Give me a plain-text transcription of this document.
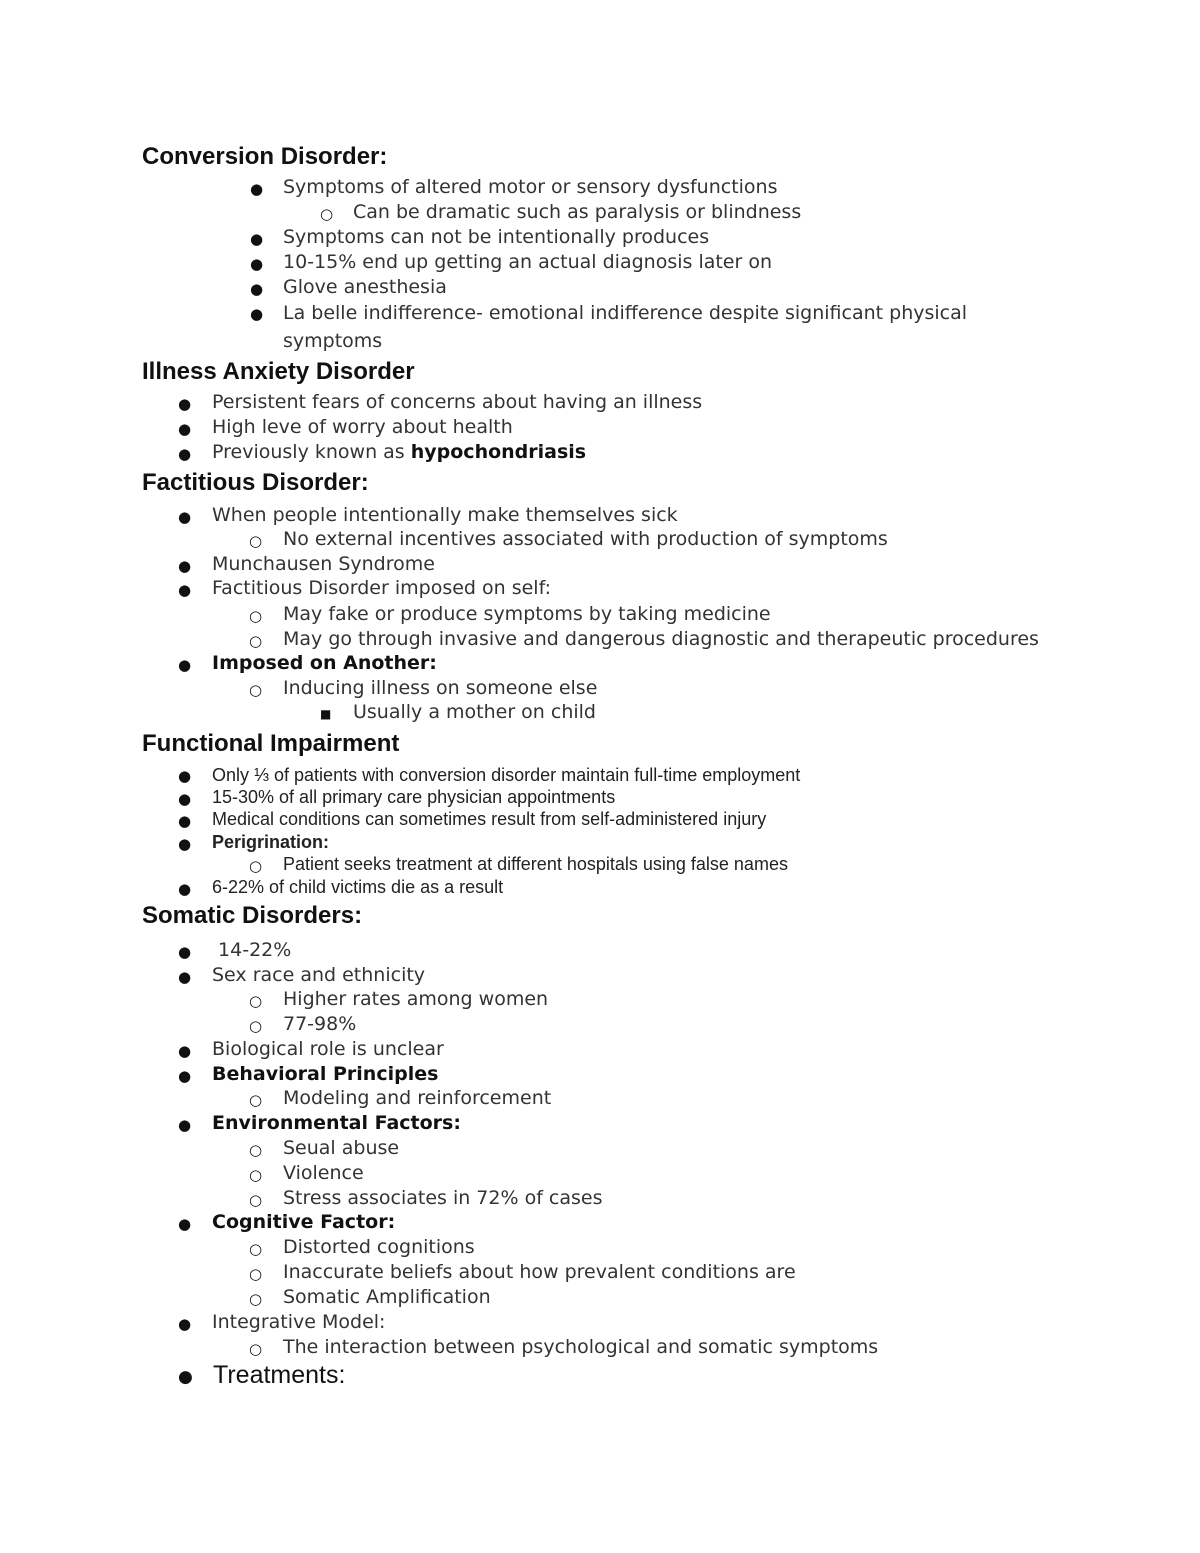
Conversion Disorder:
● Symptoms of altered motor or sensory dysfunctions
○ Can be dramatic such as paralysis or blindness
● Symptoms can not be intentionally produces
● 10-15% end up getting an actual diagnosis later on
● Glove anesthesia
● La belle indifference- emotional indifference despite significant physical symptoms
Illness Anxiety Disorder
● Persistent fears of concerns about having an illness
● High leve of worry about health
● Previously known as hypochondriasis
Factitious Disorder:
● When people intentionally make themselves sick
○ No external incentives associated with production of symptoms
● Munchausen Syndrome
● Factitious Disorder imposed on self:
○ May fake or produce symptoms by taking medicine
○ May go through invasive and dangerous diagnostic and therapeutic procedures
● Imposed on Another:
○ Inducing illness on someone else
■ Usually a mother on child
Functional Impairment
● Only ⅓ of patients with conversion disorder maintain full-time employment
● 15-30% of all primary care physician appointments
● Medical conditions can sometimes result from self-administered injury
● Perigrination:
○ Patient seeks treatment at different hospitals using false names
● 6-22% of child victims die as a result
Somatic Disorders:
● 14-22%
● Sex race and ethnicity
○ Higher rates among women
○ 77-98%
● Biological role is unclear
● Behavioral Principles
○ Modeling and reinforcement
● Environmental Factors:
○ Seual abuse
○ Violence
○ Stress associates in 72% of cases
● Cognitive Factor:
○ Distorted cognitions
○ Inaccurate beliefs about how prevalent conditions are
○ Somatic Amplification
● Integrative Model:
○ The interaction between psychological and somatic symptoms
● Treatments:
